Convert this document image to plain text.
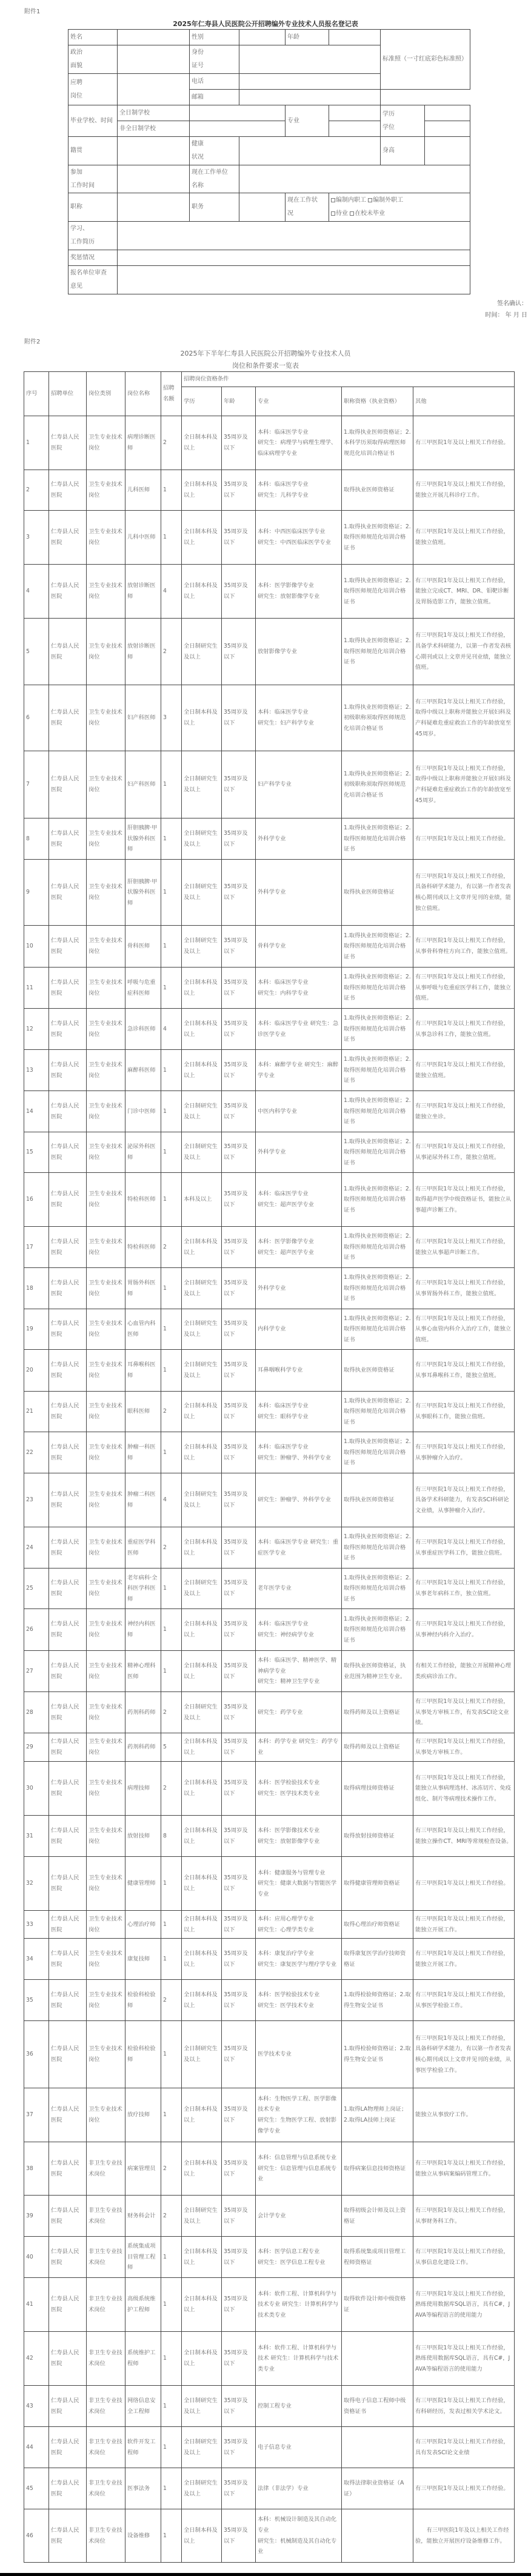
附件1
2025年仁寿县人民医院公开招聘编外专业技术人员报名登记表
姓名		性别		年龄		标准照（一寸红底彩色标准照）	
政治
面貌		身份
证号					
应聘
岗位		电话					
		邮箱					
毕业学校、时间	全日制学校			专业		学历
学位	
	非全日制学校						
籍贯		健康
状况				身高	
参加
工作时间		现在工作单位
名称					
职称		职务		现在工作状
况	编制内职工 编制外职工
待业 在校未毕业		
学习、
工作简历							
奖惩情况							
报名单位审查
意见							
签名确认：
时间： 年 月 日
附件2
2025年下半年仁寿县人民医院公开招聘编外专业技术人员
岗位和条件要求一览表
序号	招聘单位	岗位类别	岗位名称	招聘名额	招聘岗位资格条件				
					学历	年龄	专业	职称资格（执业资格）	其他
1	仁寿县人民医院	卫生专业技术岗位	病理诊断医师	2	全日制本科及以上	35周岁及以下	本科：临床医学专业
研究生：病理学与病理生理学、临床病理学专业	1.取得执业医师资格证；2.本科学历须取得病理医师规范化培训合格证书	有三甲医院1年及以上相关工作经验。
2	仁寿县人民医院	卫生专业技术岗位	儿科医师	1	全日制本科及以上	35周岁及以下	本科：临床医学专业
研究生：儿科学专业	取得执业医师资格证	有三甲医院1年及以上相关工作经验，能独立开展儿科诊疗工作。
3	仁寿县人民医院	卫生专业技术岗位	儿科中医师	1	全日制本科及以上	35周岁及以下	本科：中西医临床医学专业
研究生：中西医临床医学专业	1.取得执业医师资格证；2.取得医师规范化培训合格证书	有三甲医院1年及以上相关工作经验，能独立值班。
4	仁寿县人民医院	卫生专业技术岗位	放射诊断医师	4	全日制本科及以上	35周岁及以下	本科：医学影像学专业
研究生：放射影像学专业	1.取得执业医师资格证；2.取得医师规范化培训合格证书	有三甲医院1年及以上相关工作经验，能独立完成CT、MRI、DR、钼靶诊断及胃肠造影工作，能独立值班。
5	仁寿县人民医院	卫生专业技术岗位	放射诊断医师	2	全日制研究生及以上	35周岁及以下	放射影像学专业	1.取得执业医师资格证；2.取得医师规范化培训合格证书	有三甲医院1年及以上相关工作经验，具备学术科研能力，以第一作者发表核心期刊或以上文章并见刊业绩，能独立值班。
6	仁寿县人民医院	卫生专业技术岗位	妇产科医师	3	全日制本科及以上	35周岁及以下	本科：临床医学专业
研究生：妇产科学专业	1.取得执业医师资格证；2.初级职称须取得医师规范化培训合格证书	有三甲医院1年及以上相关工作经验，取得中级以上职称并能独立开展妇科及产科疑难危重症救治工作的年龄放宽至45周岁。
7	仁寿县人民医院	卫生专业技术岗位	妇产科医师	1	全日制研究生及以上	35周岁及以下	妇产科学专业	1.取得执业医师资格证；2.初级职称须取得医师规范化培训合格证书	有三甲医院1年及以上相关工作经验，取得中级以上职称并能独立开展妇科及产科疑难危重症救治工作的年龄放宽至45周岁。
8	仁寿县人民医院	卫生专业技术岗位	肝胆胰脾·甲状腺外科医师	1	全日制研究生及以上	35周岁及以下	外科学专业	1.取得执业医师资格证；2.取得医师规范化培训合格证书	有三甲医院1年及以上相关工作经验。
9	仁寿县人民医院	卫生专业技术岗位	肝胆胰脾·甲状腺外科医师	1	全日制研究生及以上	35周岁及以下	外科学专业	取得执业医师资格证	有三甲医院1年及以上相关工作经验，具备科研学术能力，有以第一作者发表核心期刊或以上文章并见刊的业绩，能独立值班。
10	仁寿县人民医院	卫生专业技术岗位	骨科医师	1	全日制研究生及以上	35周岁及以下	骨科学专业	1.取得执业医师资格证；2.取得医师规范化培训合格证书	有三甲医院1年及以上相关工作经验，从事骨科脊柱方向工作，能独立值班。
11	仁寿县人民医院	卫生专业技术岗位	呼吸与危重症科医师	1	全日制本科及以上	35周岁及以下	本科：临床医学专业
研究生：内科学专业	1.取得执业医师资格证；2.取得医师规范化培训合格证书	有三甲医院1年及以上相关工作经验，从事呼吸与危重症医学科工作，能独立值班。
12	仁寿县人民医院	卫生专业技术岗位	急诊科医师	4	全日制本科及以上	35周岁及以下	本科：临床医学专业 研究生：急诊医学专业	1.取得执业医师资格证；2.取得医师规范化培训合格证书	有三甲医院1年及以上相关工作经验，从事急诊科工作，能独立值班。
13	仁寿县人民医院	卫生专业技术岗位	麻醉科医师	1	全日制本科及以上	35周岁及以下	本科：麻醉学专业 研究生：麻醉学专业	1.取得执业医师资格证；2.取得医师规范化培训合格证书	有三甲医院1年及以上相关工作经验，能独立值班。
14	仁寿县人民医院	卫生专业技术岗位	门诊中医师	1	全日制研究生及以上	35周岁及以下	中医内科学专业	1.取得执业医师资格证；2.取得医师规范化培训合格证书	有三甲医院1年及以上相关工作经验，能独立坐诊。
15	仁寿县人民医院	卫生专业技术岗位	泌尿外科医师	1	全日制研究生及以上	35周岁及以下	外科学专业	1.取得执业医师资格证；2.取得医师规范化培训合格证书	有三甲医院1年及以上相关工作经验，从事泌尿外科工作，能独立值班。
16	仁寿县人民医院	卫生专业技术岗位	特检科医师	1	本科及以上	35周岁及以下	本科：临床医学专业
研究生：超声医学专业	1.取得执业医师资格证；2.取得医师规范化培训合格证书	有三甲医院1年及以上相关工作经验，取得超声医学中级资格证书，能独立从事超声诊断工作。
17	仁寿县人民医院	卫生专业技术岗位	特检科医师	2	全日制本科及以上	35周岁及以下	本科：医学影像学专业
研究生：超声医学专业	1.取得执业医师资格证；2.取得医师规范化培训合格证书	有三甲医院1年及以上相关工作经验，能独立从事超声诊断工作。
18	仁寿县人民医院	卫生专业技术岗位	胃肠外科医师	1	全日制研究生及以上	35周岁及以下	外科学专业	1.取得执业医师资格证；2.取得医师规范化培训合格证书	有三甲医院1年及以上相关工作经验，从事胃肠外科工作，能独立值班。
19	仁寿县人民医院	卫生专业技术岗位	心血管内科医师	1	全日制研究生及以上	35周岁及以下	内科学专业	1.取得执业医师资格证；2.取得医师规范化培训合格证书	有三甲医院1年及以上相关工作经验，从事心血管内科介入治疗工作，能独立值班。
20	仁寿县人民医院	卫生专业技术岗位	耳鼻喉科医师	1	全日制研究生及以上	35周岁及以下	耳鼻咽喉科学专业	取得执业医师资格证	有三甲医院1年及以上相关工作经验，从事耳鼻喉科工作，能独立值班。
21	仁寿县人民医院	卫生专业技术岗位	眼科医师	2	全日制本科及以上	35周岁及以下	本科：临床医学专业
研究生：眼科学专业	1.取得执业医师资格证；2.取得医师规范化培训合格证书	有三甲医院1年及以上相关工作经验，从事眼科工作，能独立值班。
22	仁寿县人民医院	卫生专业技术岗位	肿瘤一科医师	1	全日制本科及以上	35周岁及以下	本科：临床医学专业
研究生：肿瘤学、外科学专业	1.取得执业医师资格证；2.取得医师规范化培训合格证书	有三甲医院1年及以上相关工作经验，从事肿瘤介入治疗。
23	仁寿县人民医院	卫生专业技术岗位	肿瘤二科医师	4	全日制研究生及以上	35周岁及以下	研究生：肿瘤学、外科学专业	取得执业医师资格证	有三甲医院1年及以上相关工作经验，具备学术科研能力，有发表SCI科研论文业绩，从事肿瘤介入治疗。
24	仁寿县人民医院	卫生专业技术岗位	重症医学科医师	2	全日制本科及以上	35周岁及以下	本科：临床医学专业 研究生：重症医学专业	1.取得执业医师资格证；2.取得医师规范化培训合格证书	有三甲医院1年及以上相关工作经验，从事重症医学科工作，能独立值班。
25	仁寿县人民医院	卫生专业技术岗位	老年病科·全科医学科医师	1	全日制研究生及以上	35周岁及以下	老年医学专业	1.取得执业医师资格证；2.取得医师规范化培训合格证书	有三甲医院1年及以上相关工作经验，从事老年病科工作，独立值班。
26	仁寿县人民医院	卫生专业技术岗位	神经内科医师	1	全日制本科及以上	35周岁及以下	本科：临床医学专业
研究生：神经病学专业	1.取得执业医师资格证；2.取得医师规范化培训合格证书	有三甲医院1年及以上相关工作经验，从事神经内科介入治疗。
27	仁寿县人民医院	卫生专业技术岗位	精神心理科医师	1	全日制本科及以上	35周岁及以下	本科：临床医学、精神医学、精神病学专业
研究生：精神卫生学专业	取得执业医师资格证，执业范围为精神卫生专业。	有相关工作经验，能独立开展精神心理类疾病诊治工作。
28	仁寿县人民医院	卫生专业技术岗位	药剂科药师	2	全日制研究生及以上	35周岁及以下	研究生：药学专业	取得药师及以上资格证	有三甲医院1年及以上相关工作经验，从事处方审核工作，有发表SCI论文业绩。
29	仁寿县人民医院	卫生专业技术岗位	药剂科药师	5	全日制本科及以上	35周岁及以下	本科：药学专业 研究生：药学专业	取得药师及以上资格证	有三甲医院1年及以上相关工作经验，从事处方审核工作。
30	仁寿县人民医院	卫生专业技术岗位	病理技师	2	全日制本科及以上	35周岁及以下	本科：医学检验技术专业
研究生：医学技术类专业	取得病理技师资格证	有三甲医院1年及以上相关工作经验，能独立从事病理选材、冰冻切片、免疫组化、制片等病理技术操作工作。
31	仁寿县人民医院	卫生专业技术岗位	放射技师	8	全日制本科及以上	35周岁及以下	本科：医学影像技术专业
研究生：放射影像学专业	取得放射技师资格证	有三甲医院1年及以上相关工作经验，能独立操作CT、MRI等常规检查设备。
32	仁寿县人民医院	卫生专业技术岗位	健康管理师	1	全日制本科及以上	35周岁及以下	本科：健康服务与管理专业
研究生：健康大数据与智能医学专业	取得健康管理师资格证	有三甲医院1年及以上相关工作经验。
33	仁寿县人民医院	卫生专业技术岗位	心理治疗师	1	全日制本科及以上	35周岁及以下	本科：应用心理学专业
研究生：心理学类专业	取得心理治疗师资格证	有三甲医院1年及以上相关工作经验，能独立开展工作。
34	仁寿县人民医院	卫生专业技术岗位	康复技师	1	全日制本科及以上	35周岁及以下	本科：康复治疗学专业
研究生：康复医学与理疗学专业	取得康复医学治疗技师资格证	有三甲医院1年及以上相关工作经验，能独立开展工作。
35	仁寿县人民医院	卫生专业技术岗位	检验科检验师	2	全日制本科及以上	35周岁及以下	本科：医学检验技术专业
研究生：医学技术专业	1.取得检验师资格证；2.取得生物安全证书	有三甲医院1年及以上相关工作经验，从事医学检验工作。
36	仁寿县人民医院	卫生专业技术岗位	检验科检验师	1	全日制研究生及以上	35周岁及以下	医学技术专业	1.取得检验师资格证；2.取得生物安全证书	有三甲医院1年及以上相关工作经验，具备科研学术能力，有以第一作者发表核心期刊或以上文章并见刊的业绩，从事医学检验工作。
37	仁寿县人民医院	卫生专业技术岗位	放疗技师	1	全日制本科及以上	35周岁及以下	本科：生物医学工程、医学影像技术专业
研究生：生物医学工程、放射影像学专业	1.取得LA物理师上岗证；2.取得LA技师上岗证	能独立从事放疗工作。
38	仁寿县人民医院	非卫生专业技术岗位	病案管理员	2	全日制本科及以上	35周岁及以下	本科：信息管理与信息系统专业
研究生：信息管理与信息系统专业	取得病案信息技师资格证	有三甲医院1年及以上相关工作经验，能独立从事病案编码管理工作。
39	仁寿县人民医院	非卫生专业技术岗位	财务科会计	2	全日制研究生及以上	35周岁及以下	会计学专业	取得初级会计师及以上资格证	有三甲医院1年及以上相关工作经验，从事财务科工作。
40	仁寿县人民医院	非卫生专业技术岗位	系统集成项目管理工程师	1	全日制本科及以上	35周岁及以下	本科：医学信息工程专业
研究生：医学信息工程专业	取得系统集成项目管理工程师资格证	有三甲医院1年及以上相关工作经验，从事信息化建设工作。
41	仁寿县人民医院	非卫生专业技术岗位	高级系统维护工程师	1	全日制本科及以上	35周岁及以下	本科：软件工程、计算机科学与技术专业 研究生：计算机科学与技术类专业	取得软件设计师中级资格证	有三甲医院1年及以上相关工作经验，熟练使用数据库SQL语言，具有C#，JAVA等编程语言的使用能力
42	仁寿县人民医院	非卫生专业技术岗位	系统维护工程师	1	全日制本科及以上	35周岁及以下	本科：软件工程、计算机科学与技术 研究生：计算机科学与技术类专业		有三甲医院1年及以上相关工作经验，熟练使用数据库SQL语言，具有C#，JAVA等编程语言的使用能力
43	仁寿县人民医院	非卫生专业技术岗位	网络信息安全工程师	1	全日制研究生及以上	35周岁及以下	控制工程专业	取得电子信息工程师中级资格证书	有三甲医院1年及以上相关工作经验，有科研经历，发表过相关学术论文。
44	仁寿县人民医院	非卫生专业技术岗位	软件开发工程师	1	全日制研究生及以上	35周岁及以下	电子信息专业		有三甲医院1年及以上相关工作经验，具有发表SCI论文业绩
45	仁寿县人民医院	非卫生专业技术岗位	医事法务	1	全日制研究生及以上	35周岁及以下	法律（非法学）专业	取得法律职业资格证（A证）	有三甲医院1年及以上相关工作经验。
46	仁寿县人民医院	非卫生专业技术岗位	设备维修	1	全日制本科及以上	35周岁及以下	本科：机械设计制造及其自动化专业
研究生：机械制造及其自动化专业		　　有三甲医院1年及以上相关工作经验，能独立开展医疗设备维修工作。
